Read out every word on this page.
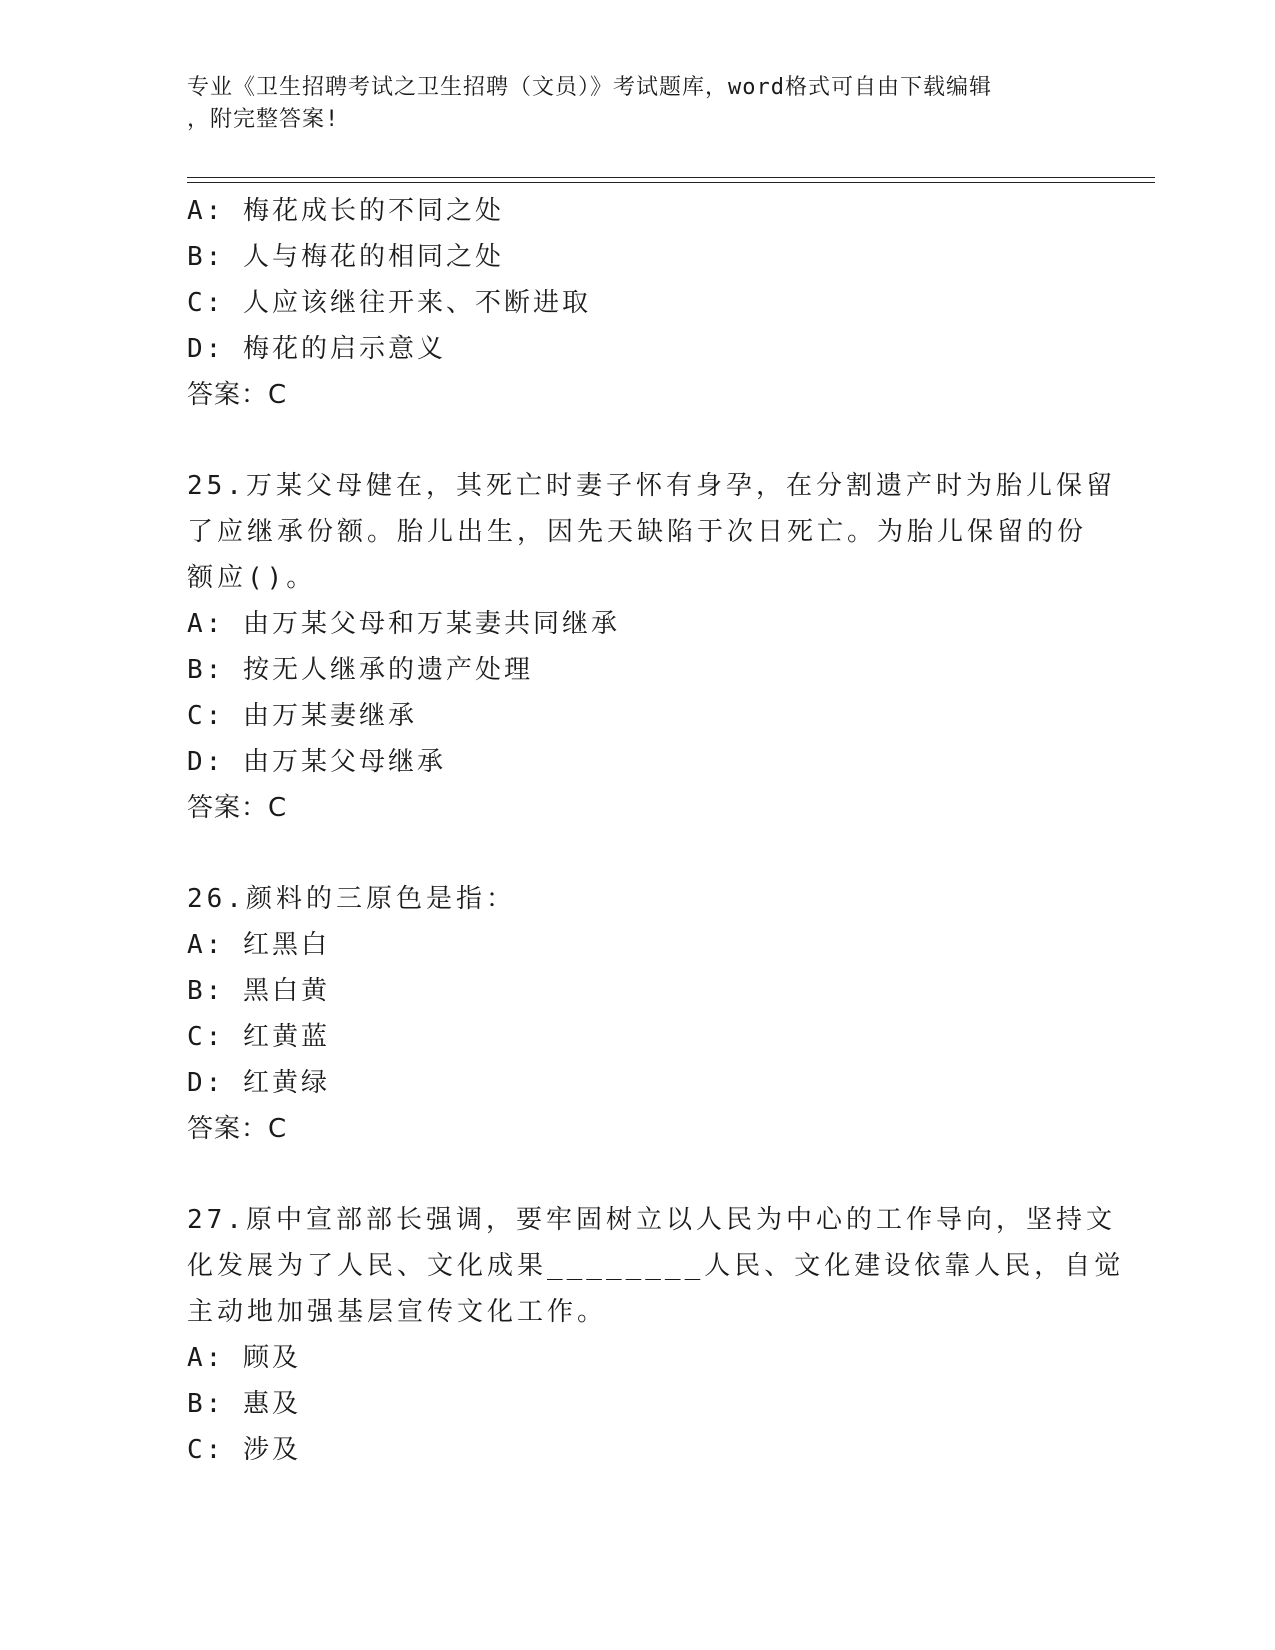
专业《卫生招聘考试之卫生招聘（文员）》考试题库，word格式可自由下载编辑
，附完整答案!
A: 梅花成长的不同之处
B: 人与梅花的相同之处
C: 人应该继往开来、不断进取
D: 梅花的启示意义
答案：C
25.万某父母健在，其死亡时妻子怀有身孕，在分割遗产时为胎儿保留
了应继承份额。胎儿出生，因先天缺陷于次日死亡。为胎儿保留的份
额应()。
A: 由万某父母和万某妻共同继承
B: 按无人继承的遗产处理
C: 由万某妻继承
D: 由万某父母继承
答案：C
26.颜料的三原色是指：
A: 红黑白
B: 黑白黄
C: 红黄蓝
D: 红黄绿
答案：C
27.原中宣部部长强调，要牢固树立以人民为中心的工作导向，坚持文
化发展为了人民、文化成果________人民、文化建设依靠人民，自觉
主动地加强基层宣传文化工作。
A: 顾及
B: 惠及
C: 涉及
